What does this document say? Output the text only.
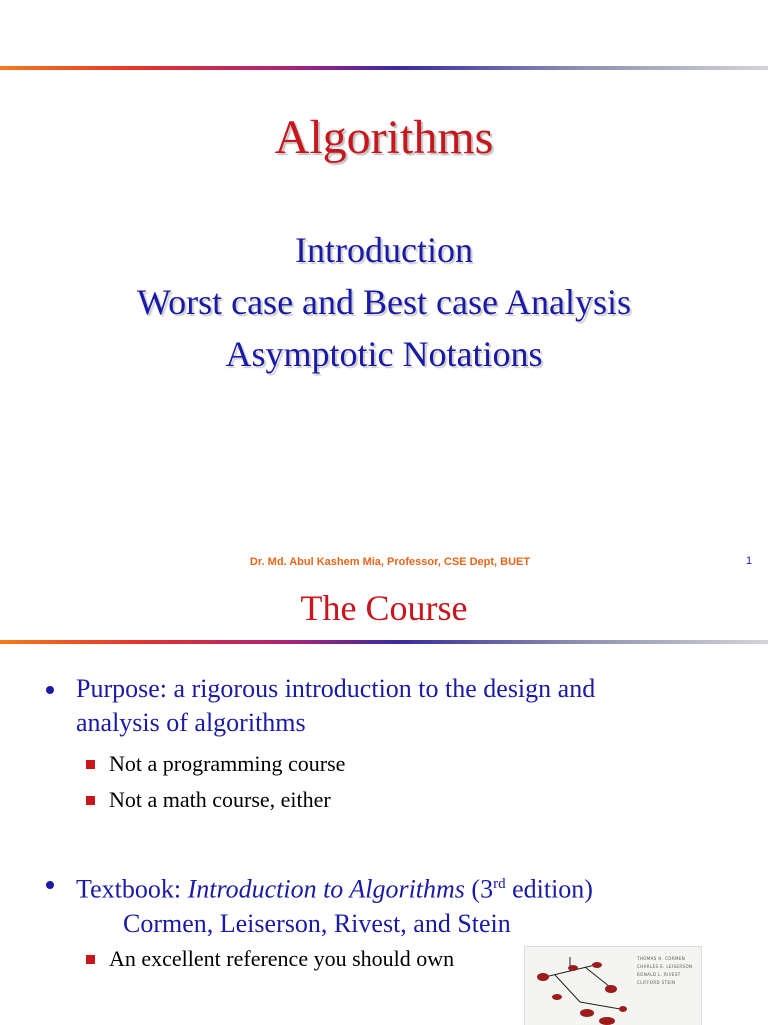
Algorithms
Introduction
Worst case and Best case Analysis
Asymptotic Notations
Dr. Md. Abul Kashem Mia, Professor, CSE Dept, BUET	1
The Course
Purpose: a rigorous introduction to the design and
analysis of algorithms
Not a programming course
Not a math course, either
Textbook: Introduction to Algorithms (3rd edition)
Cormen, Leiserson, Rivest, and Stein
An excellent reference you should own	THOMAS H. CORMEN
CHARLES E. LEISERSON
RONALD L. RIVEST
CLIFFORD STEIN
